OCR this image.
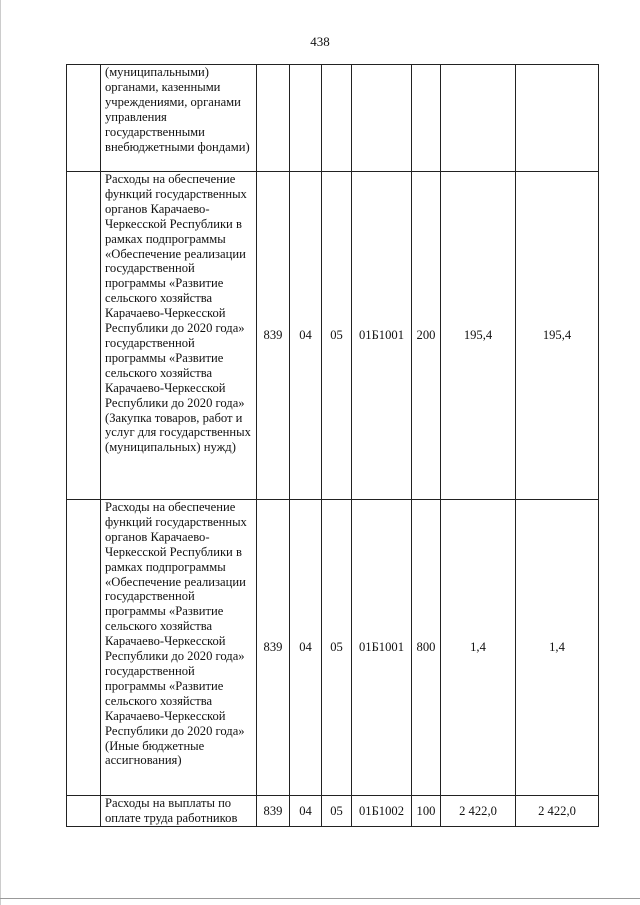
438
	(муниципальными) органами, казенными учреждениями, органами управления государственными внебюджетными фондами)							
	Расходы на обеспечение функций государственных органов Карачаево-Черкесской Республики в рамках подпрограммы «Обеспечение реализации государственной программы «Развитие сельского хозяйства Карачаево-Черкесской Республики до 2020 года» государственной программы «Развитие сельского хозяйства Карачаево-Черкесской Республики до 2020 года» (Закупка товаров, работ и услуг для государственных (муниципальных) нужд)	839	04	05	01Б1001	200	195,4	195,4
	Расходы на обеспечение функций государственных органов Карачаево-Черкесской Республики в рамках подпрограммы «Обеспечение реализации государственной программы «Развитие сельского хозяйства Карачаево-Черкесской Республики до 2020 года» государственной программы «Развитие сельского хозяйства Карачаево-Черкесской Республики до 2020 года» (Иные бюджетные ассигнования)	839	04	05	01Б1001	800	1,4	1,4
	Расходы на выплаты по оплате труда работников	839	04	05	01Б1002	100	2 422,0	2 422,0
